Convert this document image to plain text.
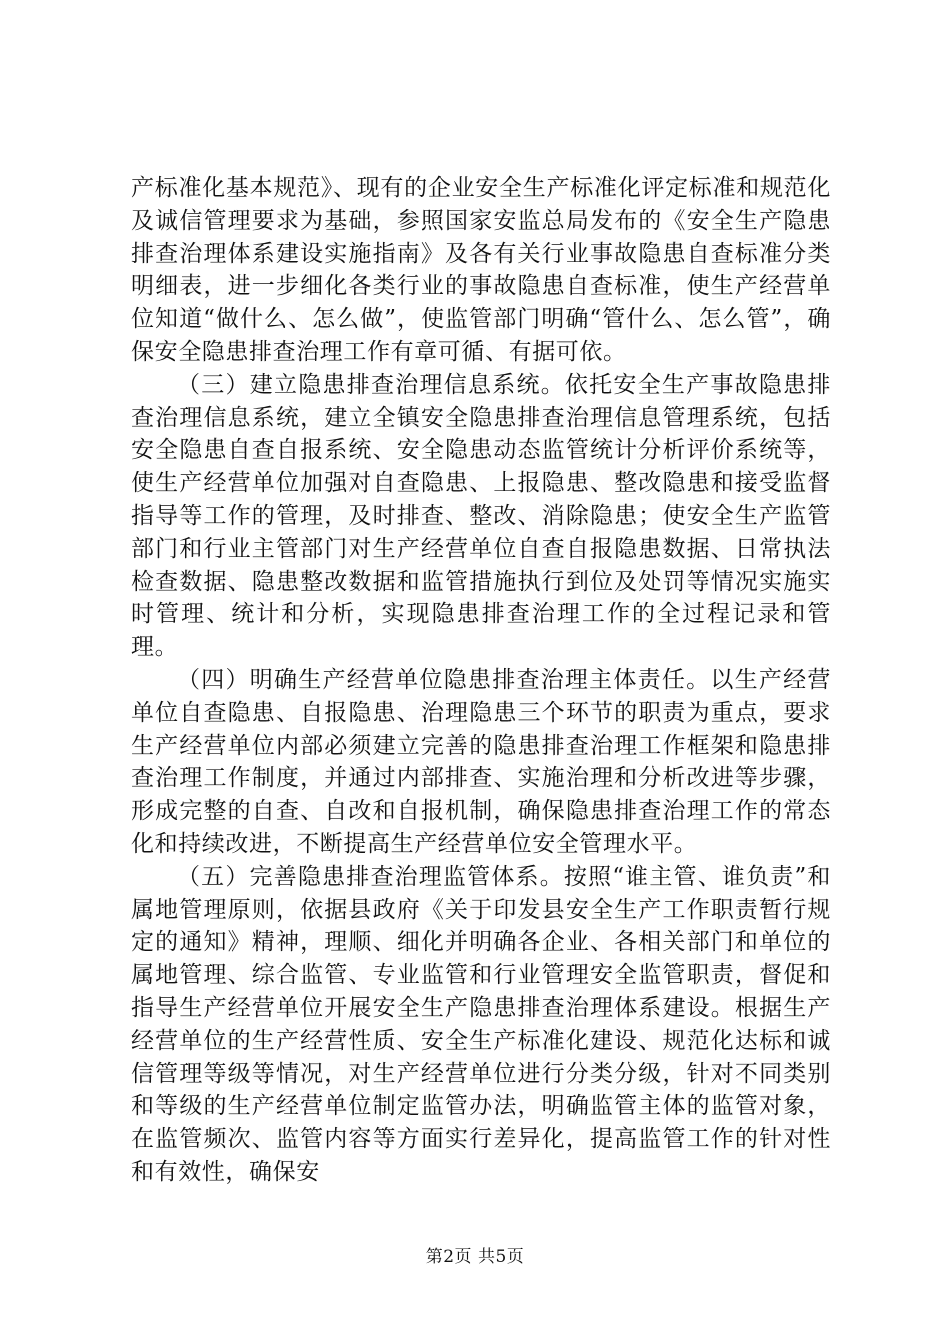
产标准化基本规范》、现有的企业安全生产标准化评定标准和规范化及诚信管理要求为基础，参照国家安监总局发布的《安全生产隐患排查治理体系建设实施指南》及各有关行业事故隐患自查标准分类明细表，进一步细化各类行业的事故隐患自查标准，使生产经营单位知道“做什么、怎么做”，使监管部门明确“管什么、怎么管”，确保安全隐患排查治理工作有章可循、有据可依。

（三）建立隐患排查治理信息系统。依托安全生产事故隐患排查治理信息系统，建立全镇安全隐患排查治理信息管理系统，包括安全隐患自查自报系统、安全隐患动态监管统计分析评价系统等，使生产经营单位加强对自查隐患、上报隐患、整改隐患和接受监督指导等工作的管理，及时排查、整改、消除隐患；使安全生产监管部门和行业主管部门对生产经营单位自查自报隐患数据、日常执法检查数据、隐患整改数据和监管措施执行到位及处罚等情况实施实时管理、统计和分析，实现隐患排查治理工作的全过程记录和管理。

（四）明确生产经营单位隐患排查治理主体责任。以生产经营单位自查隐患、自报隐患、治理隐患三个环节的职责为重点，要求生产经营单位内部必须建立完善的隐患排查治理工作框架和隐患排查治理工作制度，并通过内部排查、实施治理和分析改进等步骤，形成完整的自查、自改和自报机制，确保隐患排查治理工作的常态化和持续改进，不断提高生产经营单位安全管理水平。

（五）完善隐患排查治理监管体系。按照“谁主管、谁负责”和属地管理原则，依据县政府《关于印发县安全生产工作职责暂行规定的通知》精神，理顺、细化并明确各企业、各相关部门和单位的属地管理、综合监管、专业监管和行业管理安全监管职责，督促和指导生产经营单位开展安全生产隐患排查治理体系建设。根据生产经营单位的生产经营性质、安全生产标准化建设、规范化达标和诚信管理等级等情况，对生产经营单位进行分类分级，针对不同类别和等级的生产经营单位制定监管办法，明确监管主体的监管对象，在监管频次、监管内容等方面实行差异化，提高监管工作的针对性和有效性，确保安

第2页 共5页
